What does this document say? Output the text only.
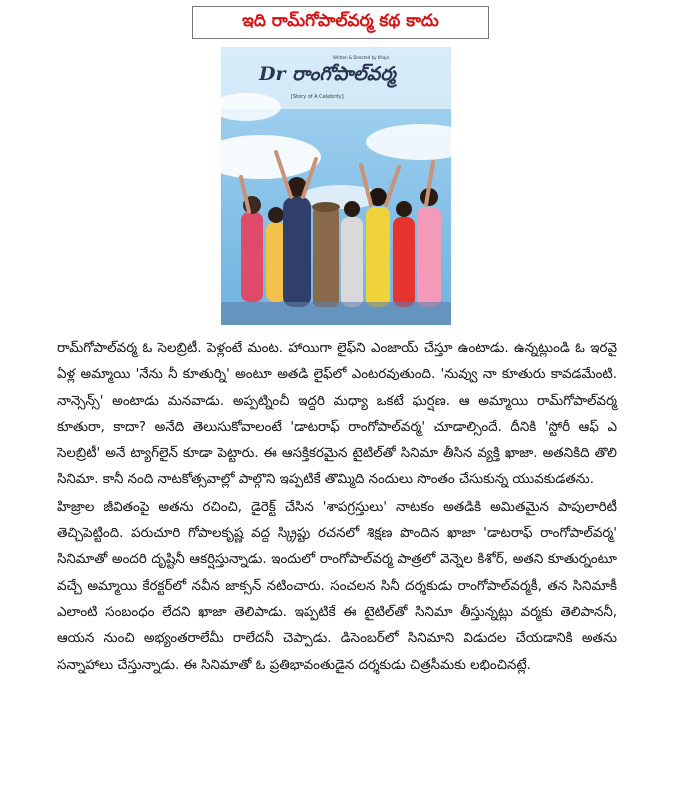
ఇది రామ్‌గోపాల్‌వర్మ కథ కాదు
Written & Directed by Khaja
Dr రాంగోపాల్‌వర్మ
[Story of A Celebrity]

రామ్‌గోపాల్‌వర్మ ఓ సెలబ్రిటీ. పెళ్లంటే మంట. హాయిగా లైఫ్‌ని ఎంజాయ్ చేస్తూ ఉంటాడు. ఉన్నట్లుండి ఓ ఇరవై ఏళ్ల అమ్మాయి 'నేను నీ కూతుర్ని' అంటూ అతడి లైఫ్‌లో ఎంటరవుతుంది. 'నువ్వు నా కూతురు కావడమేంటి. నాన్సెన్స్' అంటాడు మనవాడు. అప్పట్నించీ ఇద్దరి మధ్యా ఒకటే ఘర్షణ. ఆ అమ్మాయి రామ్‌గోపాల్‌వర్మ కూతురా, కాదా? అనేది తెలుసుకోవాలంటే 'డాటరాఫ్ రాంగోపాల్‌వర్మ' చూడాల్సిందే. దీనికి 'స్టోరీ ఆఫ్ ఎ సెలబ్రిటీ' అనే ట్యాగ్‌లైన్ కూడా పెట్టారు. ఈ ఆసక్తికరమైన టైటిల్‌తో సినిమా తీసిన వ్యక్తి ఖాజా. అతనికిది తొలి సినిమా. కానీ నంది నాటకోత్సవాల్లో పాల్గొని ఇప్పటికే తొమ్మిది నందులు సొంతం చేసుకున్న యువకుడతను.

హిజ్రాల జీవితంపై అతను రచించి, డైరెక్ట్ చేసిన 'శాపగ్రస్తులు' నాటకం అతడికి అమితమైన పాపులారిటీ తెచ్చిపెట్టింది. పరుచూరి గోపాలకృష్ణ వద్ద స్క్రిప్టు రచనలో శిక్షణ పొందిన ఖాజా 'డాటరాఫ్ రాంగోపాల్‌వర్మ' సినిమాతో అందరి దృష్టినీ ఆకర్షిస్తున్నాడు. ఇందులో రాంగోపాల్‌వర్మ పాత్రలో వెన్నెల కిశోర్, అతని కూతుర్నంటూ వచ్చే అమ్మాయి కేరక్టర్‌లో నవీన జాక్సన్ నటించారు. సంచలన సినీ దర్శకుడు రాంగోపాల్‌వర్మకీ, తన సినిమాకీ ఎలాంటి సంబంధం లేదని ఖాజా తెలిపాడు. ఇప్పటికే ఈ టైటిల్‌తో సినిమా తీస్తున్నట్లు వర్మకు తెలిపాననీ, ఆయన నుంచి అభ్యంతరాలేమీ రాలేదనీ చెప్పాడు. డిసెంబర్‌లో సినిమాని విడుదల చేయడానికి అతను సన్నాహాలు చేస్తున్నాడు. ఈ సినిమాతో ఓ ప్రతిభావంతుడైన దర్శకుడు చిత్రసీమకు లభించినట్లే.
